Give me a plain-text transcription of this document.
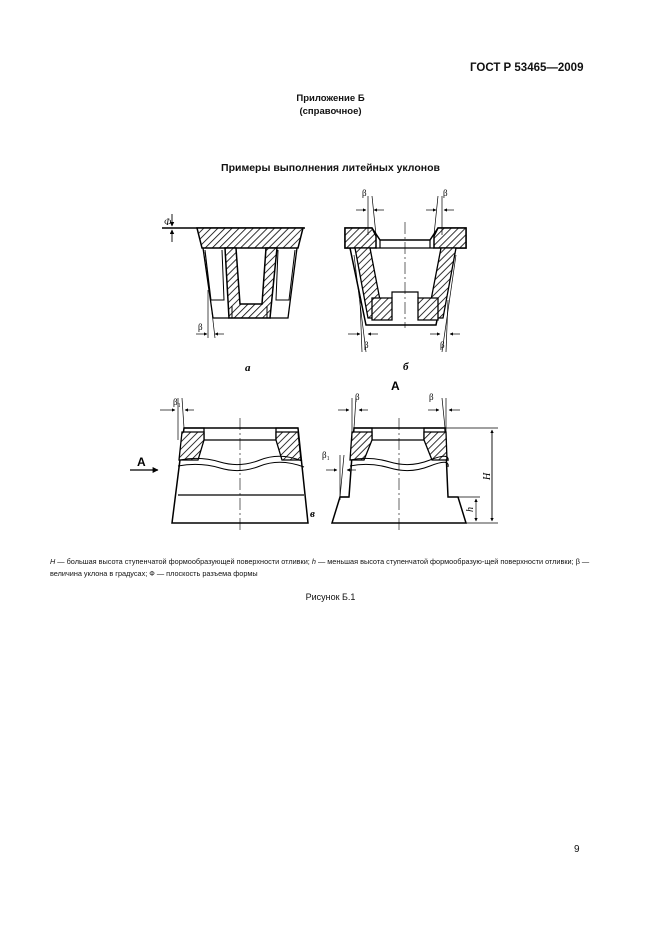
ГОСТ Р 53465—2009
Приложение Б
(справочное)
Примеры выполнения литейных уклонов
Ф
β
а
β	β
β	β
б
А
β₁
А
β	β
β₁
Н
h
в
Н — большая высота ступенчатой формообразующей поверхности отливки; h — меньшая высота ступенчатой формообразую-щей поверхности отливки; β — величина уклона в градусах; Ф — плоскость разъема формы
Рисунок Б.1
9
